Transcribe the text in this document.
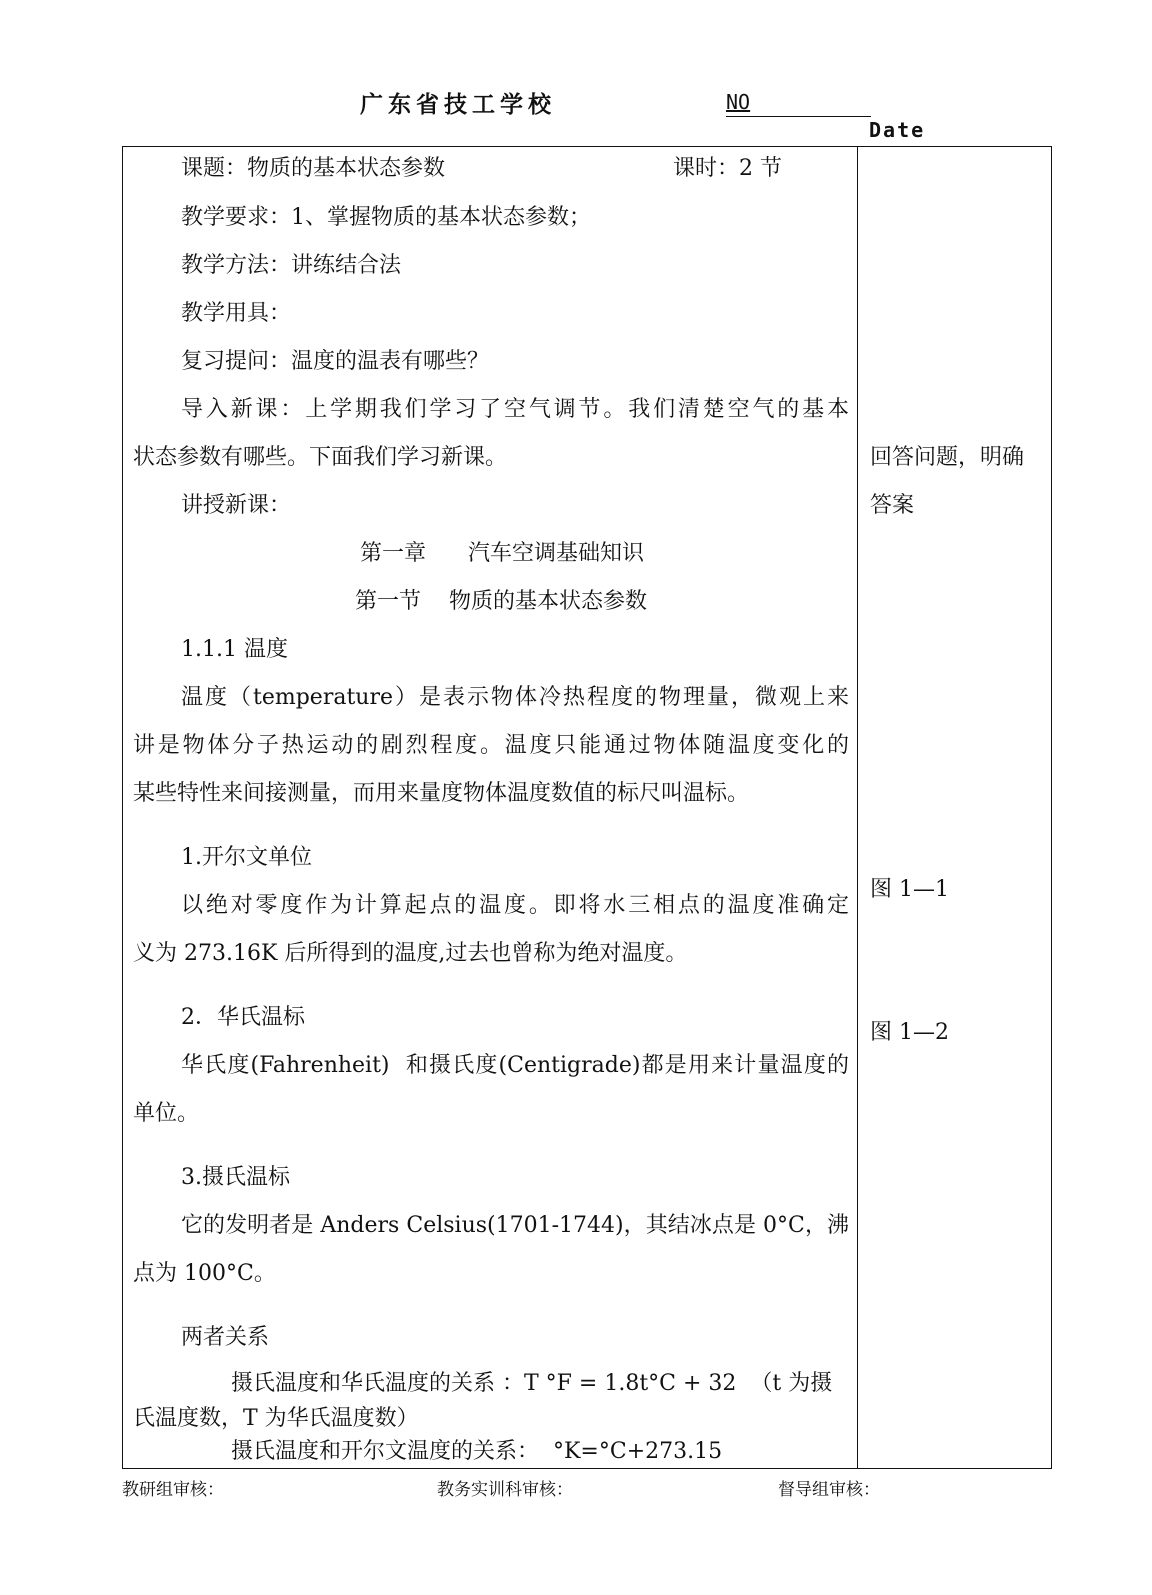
广东省技工学校	NO
Date
课题：物质的基本状态参数	课时：2 节
教学要求：1、掌握物质的基本状态参数；
教学方法：讲练结合法
教学用具：
复习提问：温度的温表有哪些？
导入新课：上学期我们学习了空气调节。我们清楚空气的基本
状态参数有哪些。下面我们学习新课。
讲授新课：
第一章      汽车空调基础知识
第一节    物质的基本状态参数
1.1.1 温度
温度（temperature）是表示物体冷热程度的物理量，微观上来
讲是物体分子热运动的剧烈程度。温度只能通过物体随温度变化的
某些特性来间接测量，而用来量度物体温度数值的标尺叫温标。
1.开尔文单位
以绝对零度作为计算起点的温度。即将水三相点的温度准确定
义为 273.16K 后所得到的温度,过去也曾称为绝对温度。
2．华氏温标
华氏度(Fahrenheit)  和摄氏度(Centigrade)都是用来计量温度的
单位。
3.摄氏温标
它的发明者是 Anders Celsius(1701-1744)，其结冰点是 0°C，沸
点为 100°C。
两者关系
摄氏温度和华氏温度的关系 ：T °F = 1.8t°C + 32  （t 为摄
氏温度数，T 为华氏温度数）
摄氏温度和开尔文温度的关系：  °K=°C+273.15
回答问题，明确
答案
图 1—1
图 1—2
教研组审核：	教务实训科审核：	督导组审核：
